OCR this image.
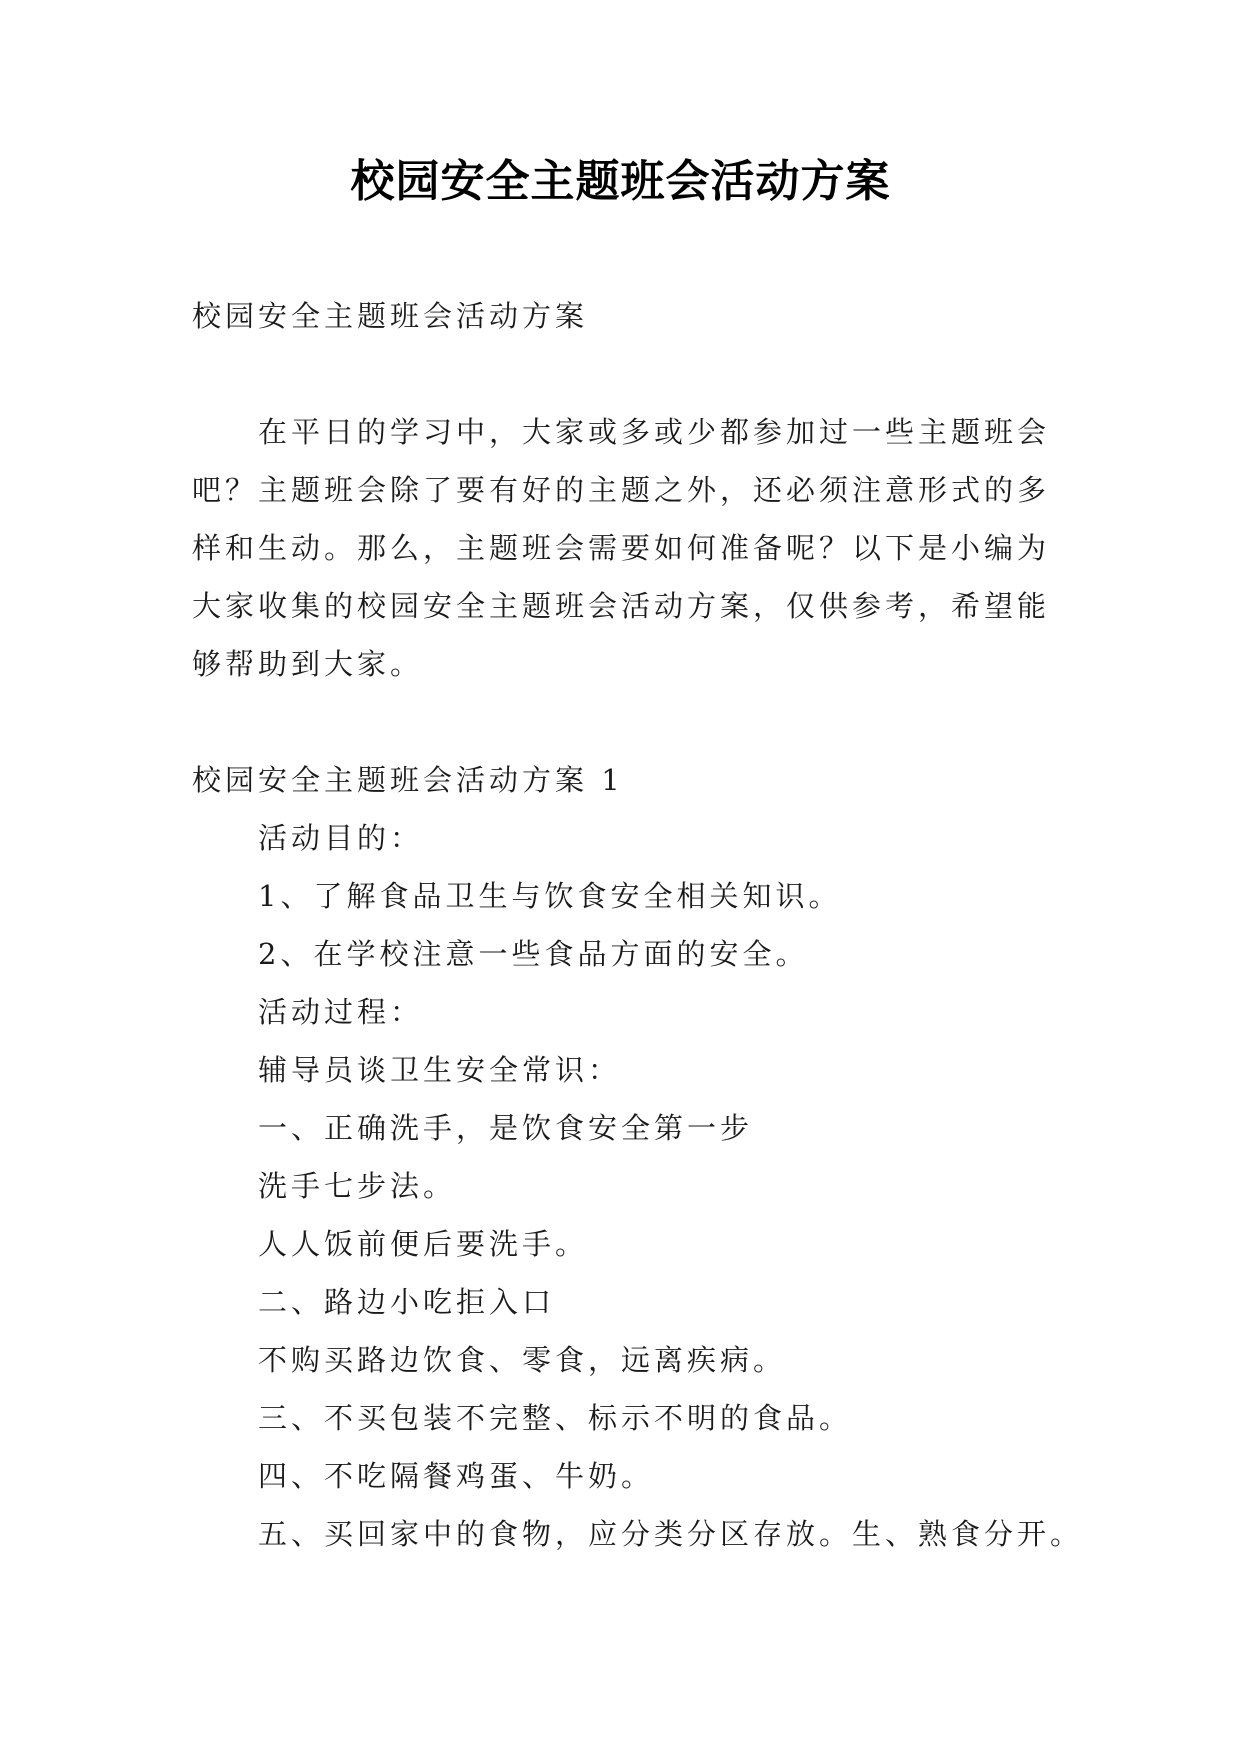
校园安全主题班会活动方案
校园安全主题班会活动方案
在平日的学习中，大家或多或少都参加过一些主题班会
吧？主题班会除了要有好的主题之外，还必须注意形式的多
样和生动。那么，主题班会需要如何准备呢？以下是小编为
大家收集的校园安全主题班会活动方案，仅供参考，希望能
够帮助到大家。
校园安全主题班会活动方案 1
活动目的：
1、了解食品卫生与饮食安全相关知识。
2、在学校注意一些食品方面的安全。
活动过程：
辅导员谈卫生安全常识：
一、正确洗手，是饮食安全第一步
洗手七步法。
人人饭前便后要洗手。
二、路边小吃拒入口
不购买路边饮食、零食，远离疾病。
三、不买包装不完整、标示不明的食品。
四、不吃隔餐鸡蛋、牛奶。
五、买回家中的食物，应分类分区存放。生、熟食分开。
